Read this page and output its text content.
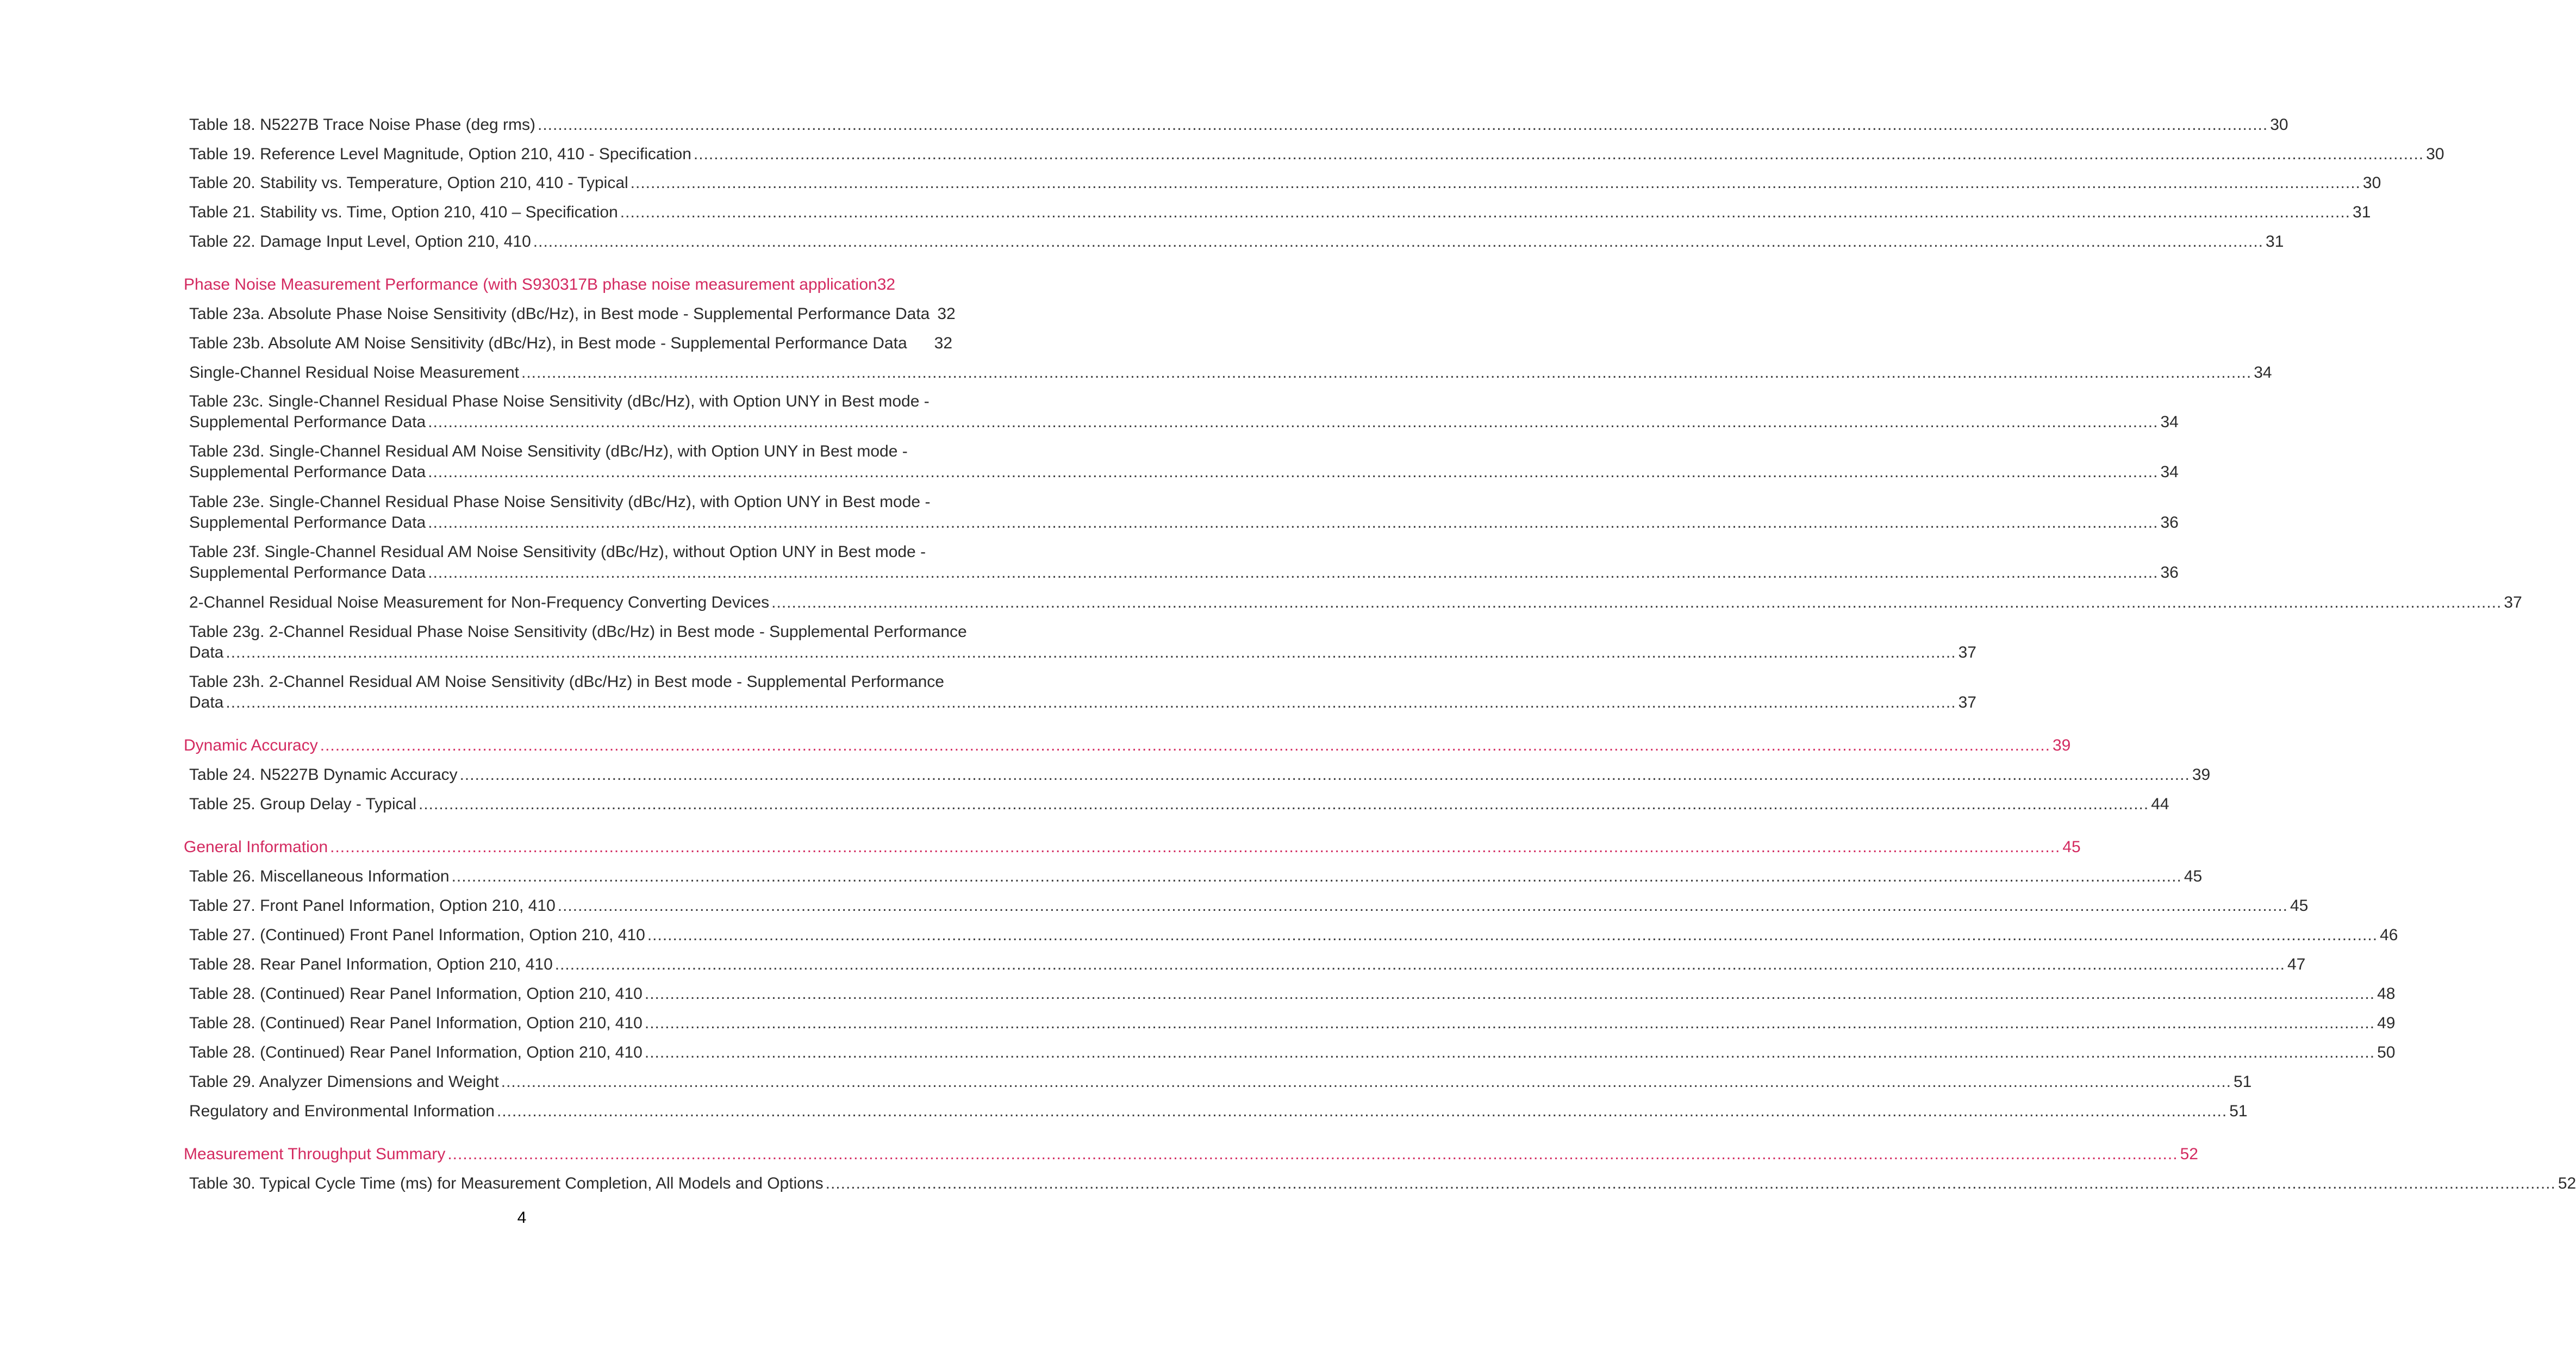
Table 18. N5227B Trace Noise Phase (deg rms) ..................................................................................................................................................................................................................................................................................................................................................... 30
Table 19. Reference Level Magnitude, Option 210, 410 - Specification ..................................................................................................................................................................................................................................................................................................................................................... 30
Table 20. Stability vs. Temperature, Option 210, 410 - Typical ..................................................................................................................................................................................................................................................................................................................................................... 30
Table 21. Stability vs. Time, Option 210, 410 – Specification ..................................................................................................................................................................................................................................................................................................................................................... 31
Table 22. Damage Input Level, Option 210, 410 ..................................................................................................................................................................................................................................................................................................................................................... 31
Phase Noise Measurement Performance (with S930317B phase noise measurement application 32
Table 23a. Absolute Phase Noise Sensitivity (dBc/Hz), in Best mode - Supplemental Performance Data 32
Table 23b. Absolute AM Noise Sensitivity (dBc/Hz), in Best mode - Supplemental Performance Data 32
Single-Channel Residual Noise Measurement ..................................................................................................................................................................................................................................................................................................................................................... 34
Table 23c. Single-Channel Residual Phase Noise Sensitivity (dBc/Hz), with Option UNY in Best mode -
Supplemental Performance Data ..................................................................................................................................................................................................................................................................................................................................................... 34
Table 23d. Single-Channel Residual AM Noise Sensitivity (dBc/Hz), with Option UNY in Best mode -
Supplemental Performance Data ..................................................................................................................................................................................................................................................................................................................................................... 34
Table 23e. Single-Channel Residual Phase Noise Sensitivity (dBc/Hz), with Option UNY in Best mode -
Supplemental Performance Data ..................................................................................................................................................................................................................................................................................................................................................... 36
Table 23f. Single-Channel Residual AM Noise Sensitivity (dBc/Hz), without Option UNY in Best mode -
Supplemental Performance Data ..................................................................................................................................................................................................................................................................................................................................................... 36
2-Channel Residual Noise Measurement for Non-Frequency Converting Devices ..................................................................................................................................................................................................................................................................................................................................................... 37
Table 23g. 2-Channel Residual Phase Noise Sensitivity (dBc/Hz) in Best mode - Supplemental Performance
Data ..................................................................................................................................................................................................................................................................................................................................................... 37
Table 23h. 2-Channel Residual AM Noise Sensitivity (dBc/Hz) in Best mode - Supplemental Performance
Data ..................................................................................................................................................................................................................................................................................................................................................... 37
Dynamic Accuracy ..................................................................................................................................................................................................................................................................................................................................................... 39
Table 24. N5227B Dynamic Accuracy ..................................................................................................................................................................................................................................................................................................................................................... 39
Table 25. Group Delay - Typical ..................................................................................................................................................................................................................................................................................................................................................... 44
General Information ..................................................................................................................................................................................................................................................................................................................................................... 45
Table 26. Miscellaneous Information ..................................................................................................................................................................................................................................................................................................................................................... 45
Table 27. Front Panel Information, Option 210, 410 ..................................................................................................................................................................................................................................................................................................................................................... 45
Table 27. (Continued) Front Panel Information, Option 210, 410 ..................................................................................................................................................................................................................................................................................................................................................... 46
Table 28. Rear Panel Information, Option 210, 410 ..................................................................................................................................................................................................................................................................................................................................................... 47
Table 28. (Continued) Rear Panel Information, Option 210, 410 ..................................................................................................................................................................................................................................................................................................................................................... 48
Table 28. (Continued) Rear Panel Information, Option 210, 410 ..................................................................................................................................................................................................................................................................................................................................................... 49
Table 28. (Continued) Rear Panel Information, Option 210, 410 ..................................................................................................................................................................................................................................................................................................................................................... 50
Table 29. Analyzer Dimensions and Weight ..................................................................................................................................................................................................................................................................................................................................................... 51
Regulatory and Environmental Information ..................................................................................................................................................................................................................................................................................................................................................... 51
Measurement Throughput Summary ..................................................................................................................................................................................................................................................................................................................................................... 52
Table 30. Typical Cycle Time (ms) for Measurement Completion, All Models and Options ..................................................................................................................................................................................................................................................................................................................................................... 52
4
